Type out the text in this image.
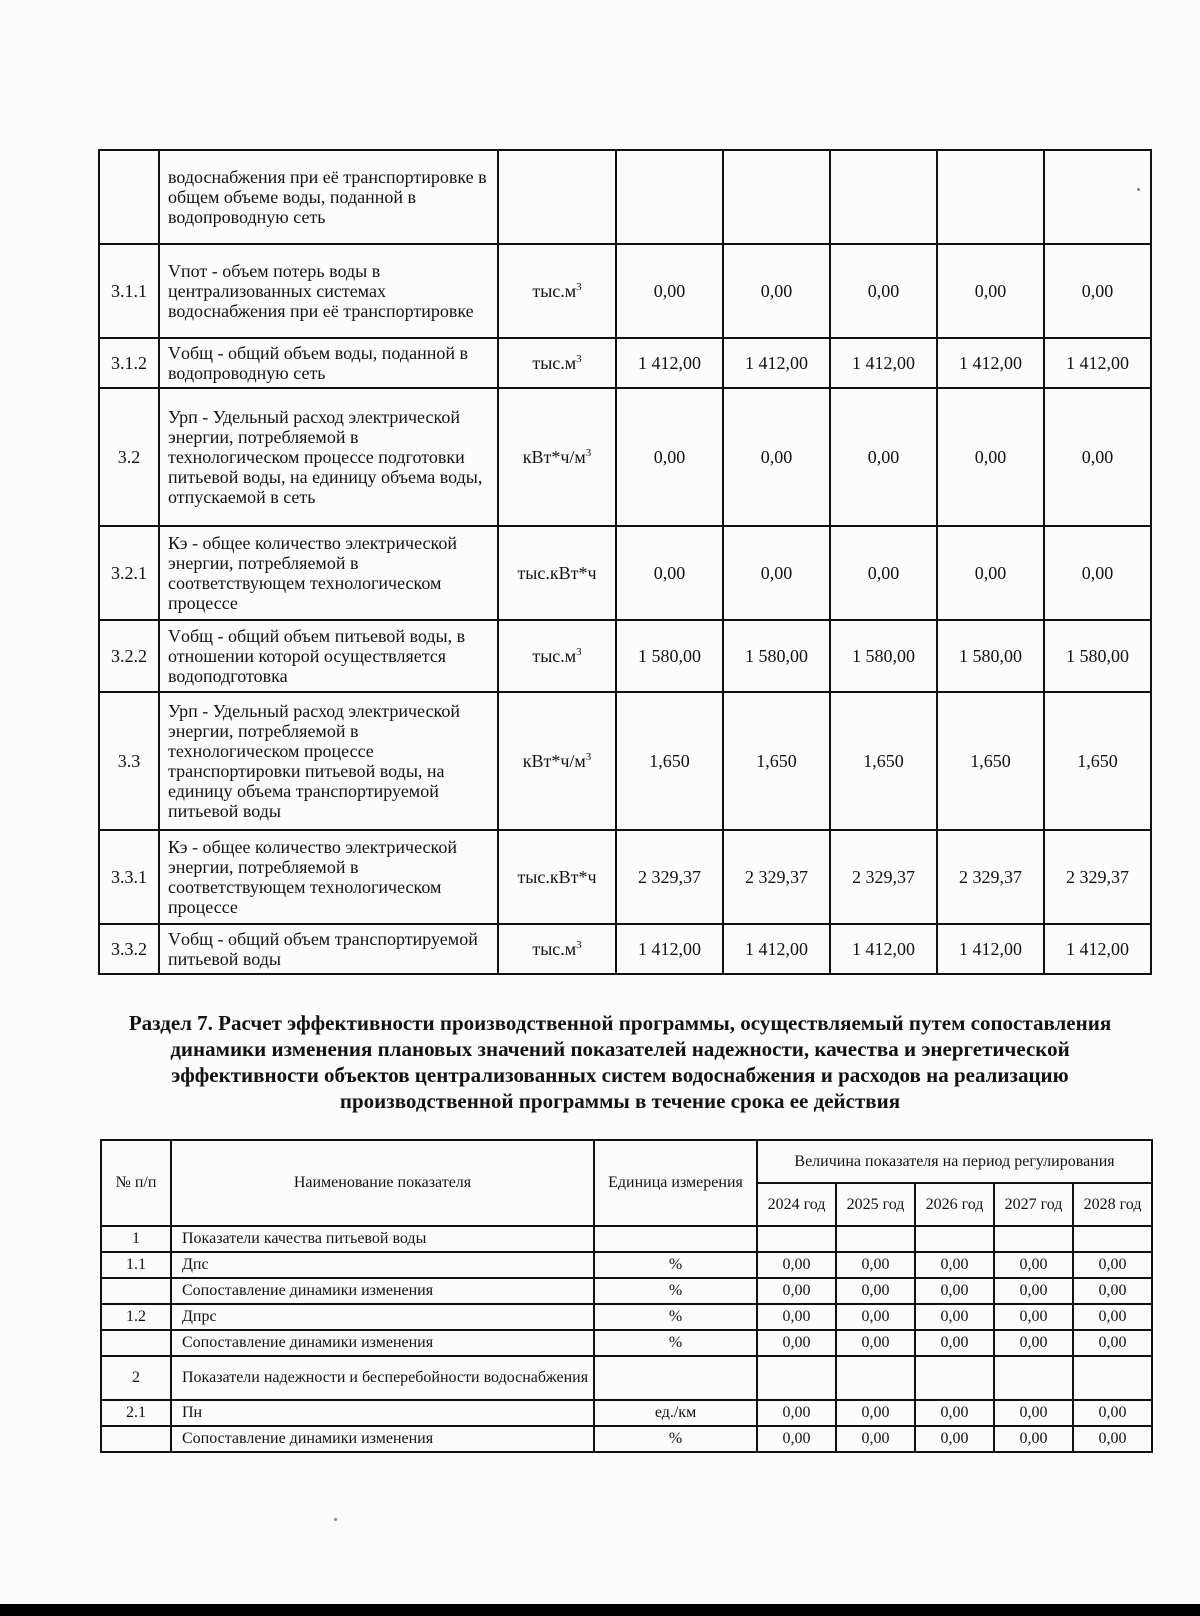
	водоснабжения при её транспортировке в общем объеме воды, поданной в водопроводную сеть						
3.1.1	Vпот - объем потерь воды в централизованных системах водоснабжения при её транспортировке	$тыс.м^3$	0,00	0,00	0,00	0,00	0,00
3.1.2	Vобщ - общий объем воды, поданной в водопроводную сеть	$тыс.м^3$	1 412,00	1 412,00	1 412,00	1 412,00	1 412,00
3.2	Урп - Удельный расход электрической энергии, потребляемой в технологическом процессе подготовки питьевой воды, на единицу объема воды, отпускаемой в сеть	$кВт*ч/м^3$	0,00	0,00	0,00	0,00	0,00
3.2.1	Кэ - общее количество электрической энергии, потребляемой в соответствующем технологическом процессе	тыс.кВт*ч	0,00	0,00	0,00	0,00	0,00
3.2.2	Vобщ - общий объем питьевой воды, в отношении которой осуществляется водоподготовка	$тыс.м^3$	1 580,00	1 580,00	1 580,00	1 580,00	1 580,00
3.3	Урп - Удельный расход электрической энергии, потребляемой в технологическом процессе транспортировки питьевой воды, на единицу объема транспортируемой питьевой воды	$кВт*ч/м^3$	1,650	1,650	1,650	1,650	1,650
3.3.1	Кэ - общее количество электрической энергии, потребляемой в соответствующем технологическом процессе	тыс.кВт*ч	2 329,37	2 329,37	2 329,37	2 329,37	2 329,37
3.3.2	Vобщ - общий объем транспортируемой питьевой воды	$тыс.м^3$	1 412,00	1 412,00	1 412,00	1 412,00	1 412,00

Раздел 7. Расчет эффективности производственной программы, осуществляемый путем сопоставления динамики изменения плановых значений показателей надежности, качества и энергетической эффективности объектов централизованных систем водоснабжения и расходов на реализацию производственной программы в течение срока ее действия

№ п/п	Наименование показателя	Единица измерения	Величина показателя на период регулирования				
			2024 год	2025 год	2026 год	2027 год	2028 год
1	Показатели качества питьевой воды						
1.1	Дпс	%	0,00	0,00	0,00	0,00	0,00
	Сопоставление динамики изменения	%	0,00	0,00	0,00	0,00	0,00
1.2	Дпрс	%	0,00	0,00	0,00	0,00	0,00
	Сопоставление динамики изменения	%	0,00	0,00	0,00	0,00	0,00
2	Показатели надежности и бесперебойности водоснабжения						
2.1	Пн	ед./км	0,00	0,00	0,00	0,00	0,00
	Сопоставление динамики изменения	%	0,00	0,00	0,00	0,00	0,00
